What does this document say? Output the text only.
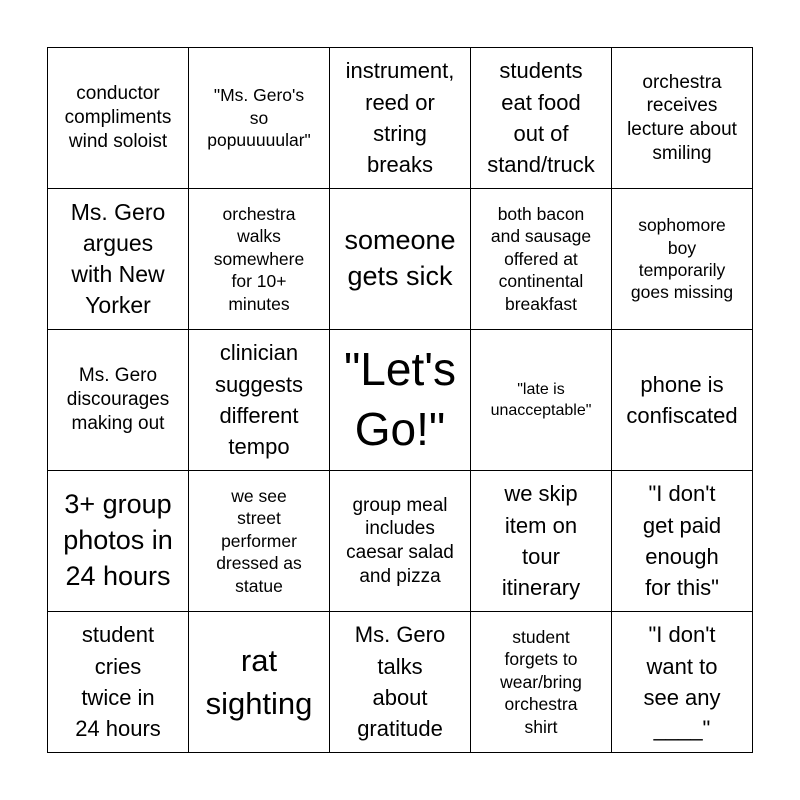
conductor
compliments
wind soloist
"Ms. Gero's
so
popuuuuular"
instrument,
reed or
string
breaks
students
eat food
out of
stand/truck
orchestra
receives
lecture about
smiling
Ms. Gero
argues
with New
Yorker
orchestra
walks
somewhere
for 10+
minutes
someone
gets sick
both bacon
and sausage
offered at
continental
breakfast
sophomore
boy
temporarily
goes missing
Ms. Gero
discourages
making out
clinician
suggests
different
tempo
"Let's
Go!"
"late is
unacceptable"
phone is
confiscated
3+ group
photos in
24 hours
we see
street
performer
dressed as
statue
group meal
includes
caesar salad
and pizza
we skip
item on
tour
itinerary
"I don't
get paid
enough
for this"
student
cries
twice in
24 hours
rat
sighting
Ms. Gero
talks
about
gratitude
student
forgets to
wear/bring
orchestra
shirt
"I don't
want to
see any
____"
